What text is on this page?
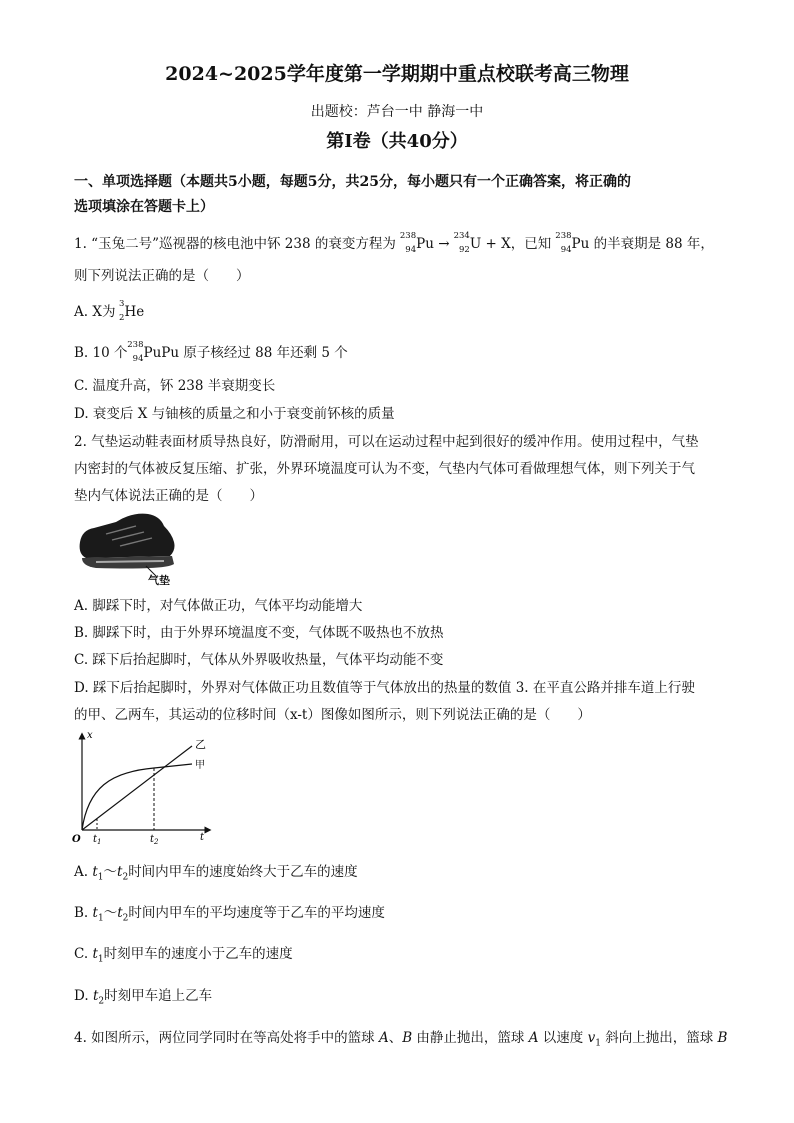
2024~2025学年度第一学期期中重点校联考高三物理
出题校：芦台一中 静海一中
第Ⅰ卷（共40分）
一、单项选择题（本题共5小题，每题5分，共25分，每小题只有一个正确答案，将正确的
选项填涂在答题卡上）
1. “玉兔二号”巡视器的核电池中钚 238 的衰变方程为 238
94 Pu → 234
92 U + X，已知 238
94 Pu 的半衰期是 88 年，
则下列说法正确的是（　　）
A. X为 3
2 He
B. 10 个 238
94 PuPu 原子核经过 88 年还剩 5 个
C. 温度升高，钚 238 半衰期变长
D. 衰变后 X 与铀核的质量之和小于衰变前钚核的质量
2. 气垫运动鞋表面材质导热良好，防滑耐用，可以在运动过程中起到很好的缓冲作用。使用过程中，气垫
内密封的气体被反复压缩、扩张，外界环境温度可认为不变，气垫内气体可看做理想气体，则下列关于气
垫内气体说法正确的是（　　）
气垫
A. 脚踩下时，对气体做正功，气体平均动能增大
B. 脚踩下时，由于外界环境温度不变，气体既不吸热也不放热
C. 踩下后抬起脚时，气体从外界吸收热量，气体平均动能不变
D. 踩下后抬起脚时，外界对气体做正功且数值等于气体放出的热量的数值 3. 在平直公路并排车道上行驶
的甲、乙两车，其运动的位移时间（x-t）图像如图所示，则下列说法正确的是（　　）
x
t
O $t_1$	$t_2$
乙
甲
A. $t_1\sim t_2$时间内甲车的速度始终大于乙车的速度
B. $t_1\sim t_2$时间内甲车的平均速度等于乙车的平均速度
C. $t_1$时刻甲车的速度小于乙车的速度
D. $t_2$时刻甲车追上乙车
4. 如图所示，两位同学同时在等高处将手中的篮球 A、B 由静止抛出，篮球 A 以速度 $v_1$ 斜向上抛出，篮球 B
